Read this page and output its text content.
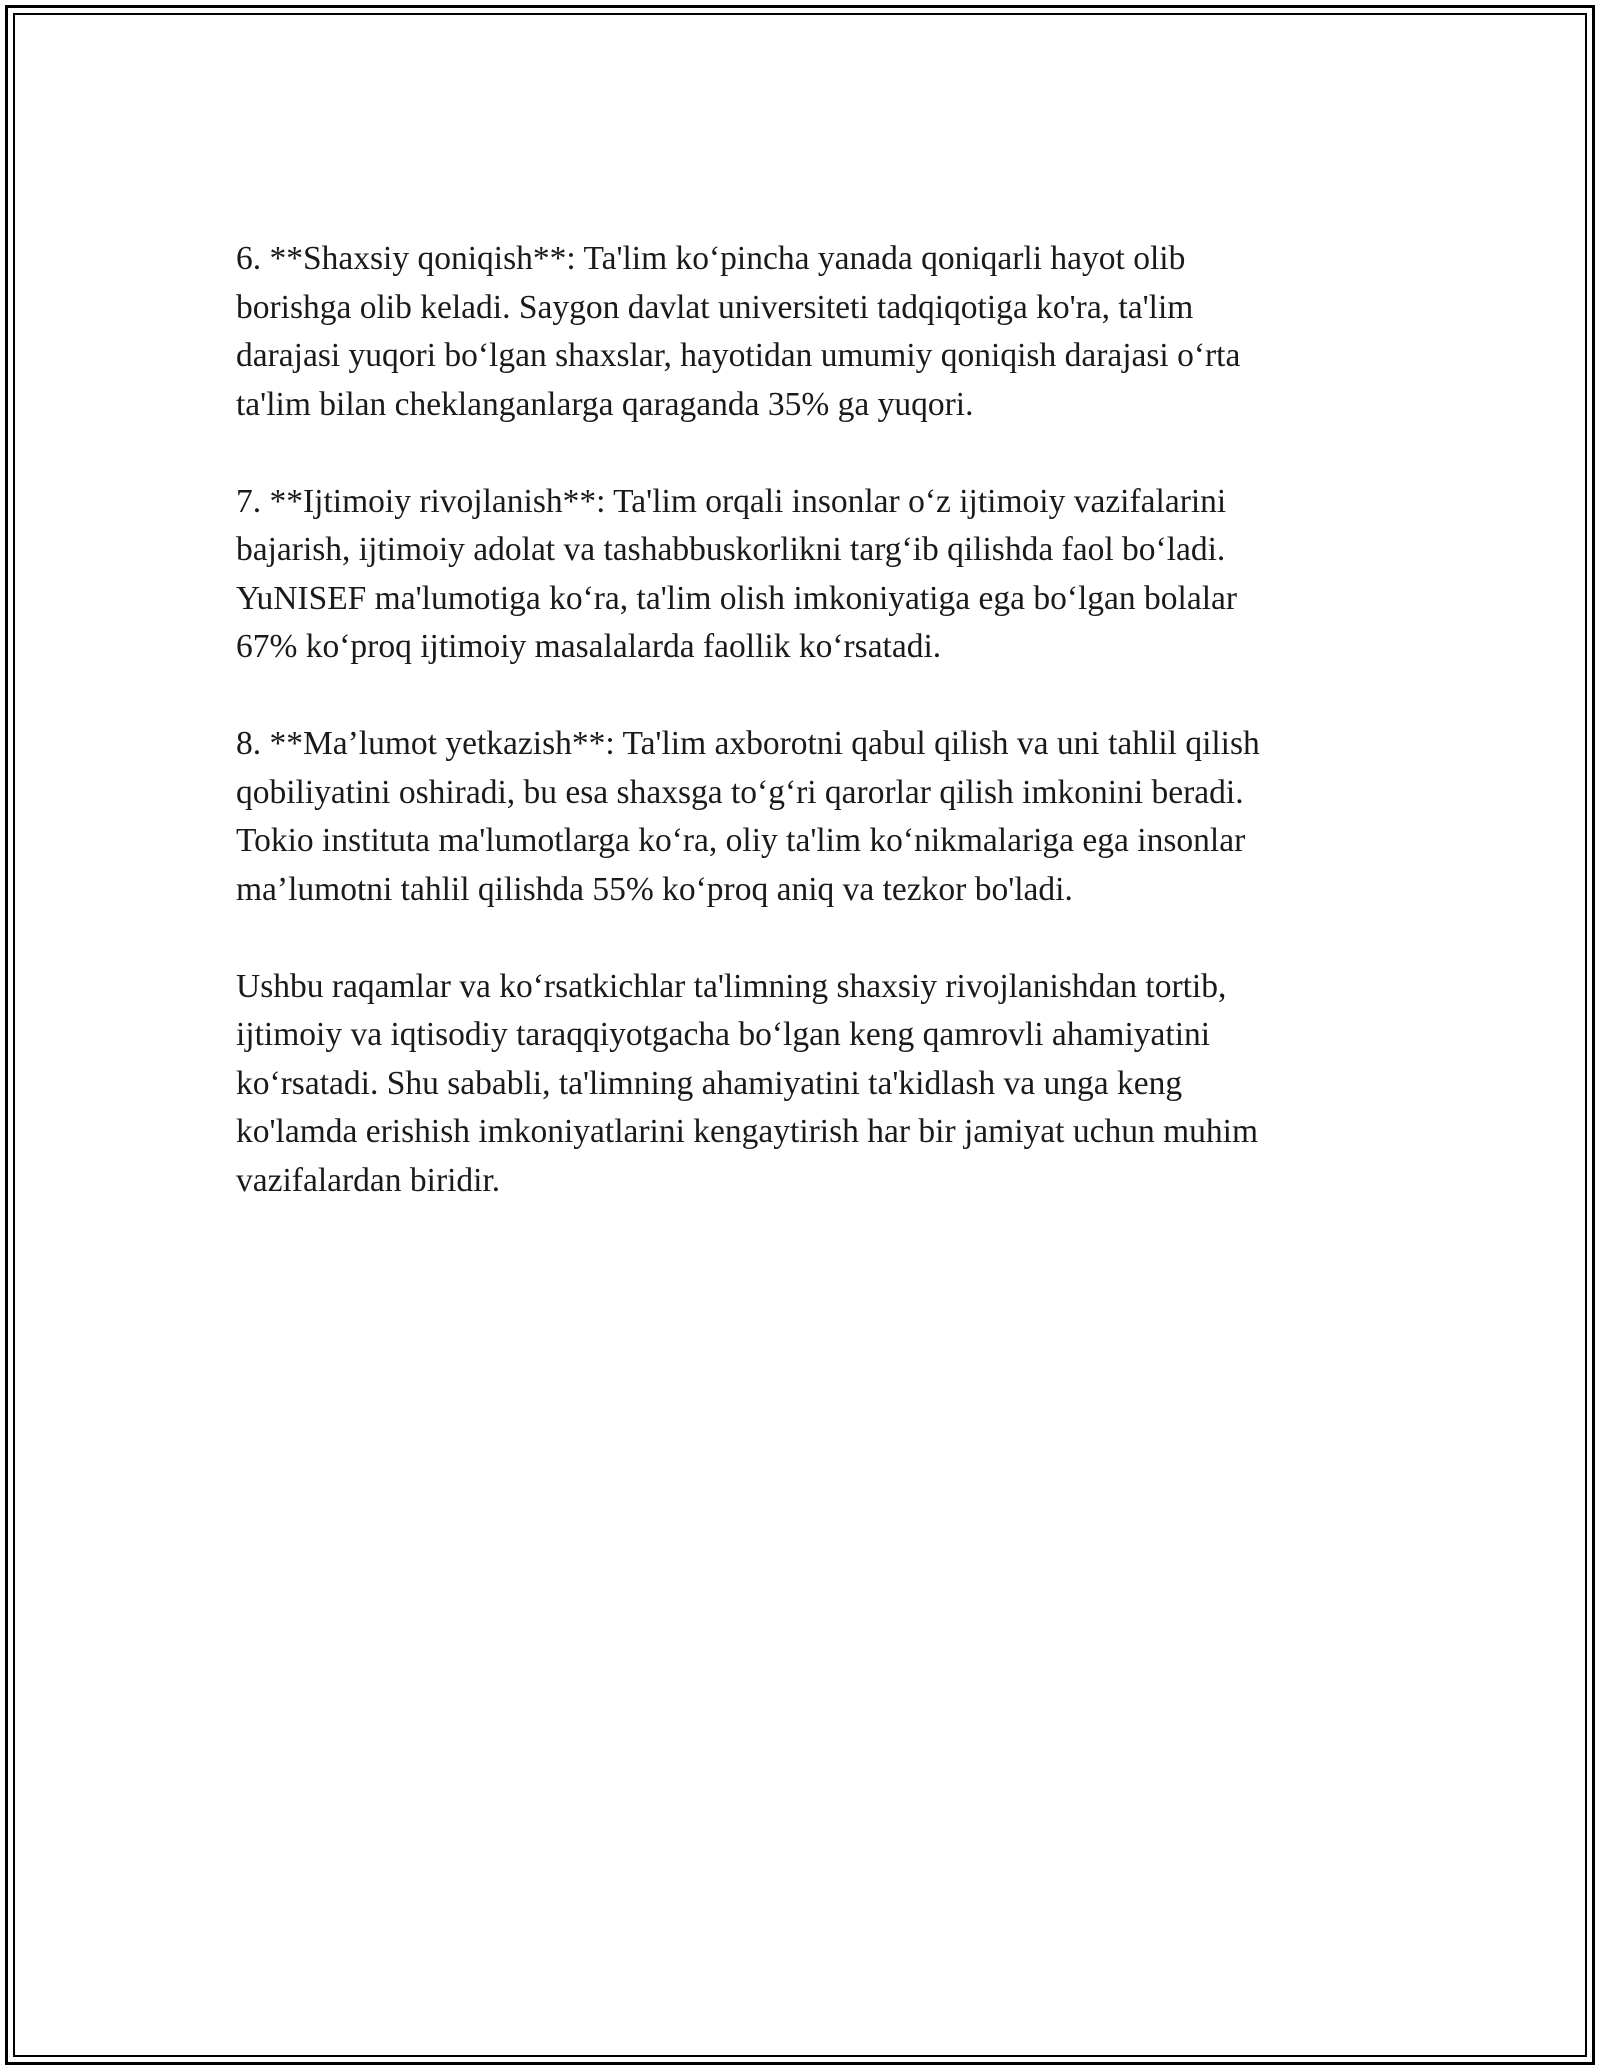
6. **Shaxsiy qoniqish**: Ta'lim ko‘pincha yanada qoniqarli hayot olib
borishga olib keladi. Saygon davlat universiteti tadqiqotiga ko'ra, ta'lim
darajasi yuqori bo‘lgan shaxslar, hayotidan umumiy qoniqish darajasi o‘rta
ta'lim bilan cheklanganlarga qaraganda 35% ga yuqori.

7. **Ijtimoiy rivojlanish**: Ta'lim orqali insonlar o‘z ijtimoiy vazifalarini
bajarish, ijtimoiy adolat va tashabbuskorlikni targ‘ib qilishda faol bo‘ladi.
YuNISEF ma'lumotiga ko‘ra, ta'lim olish imkoniyatiga ega bo‘lgan bolalar
67% ko‘proq ijtimoiy masalalarda faollik ko‘rsatadi.

8. **Ma’lumot yetkazish**: Ta'lim axborotni qabul qilish va uni tahlil qilish
qobiliyatini oshiradi, bu esa shaxsga to‘g‘ri qarorlar qilish imkonini beradi.
Tokio instituta ma'lumotlarga ko‘ra, oliy ta'lim ko‘nikmalariga ega insonlar
ma’lumotni tahlil qilishda 55% ko‘proq aniq va tezkor bo'ladi.

Ushbu raqamlar va ko‘rsatkichlar ta'limning shaxsiy rivojlanishdan tortib,
ijtimoiy va iqtisodiy taraqqiyotgacha bo‘lgan keng qamrovli ahamiyatini
ko‘rsatadi. Shu sababli, ta'limning ahamiyatini ta'kidlash va unga keng
ko'lamda erishish imkoniyatlarini kengaytirish har bir jamiyat uchun muhim
vazifalardan biridir.
